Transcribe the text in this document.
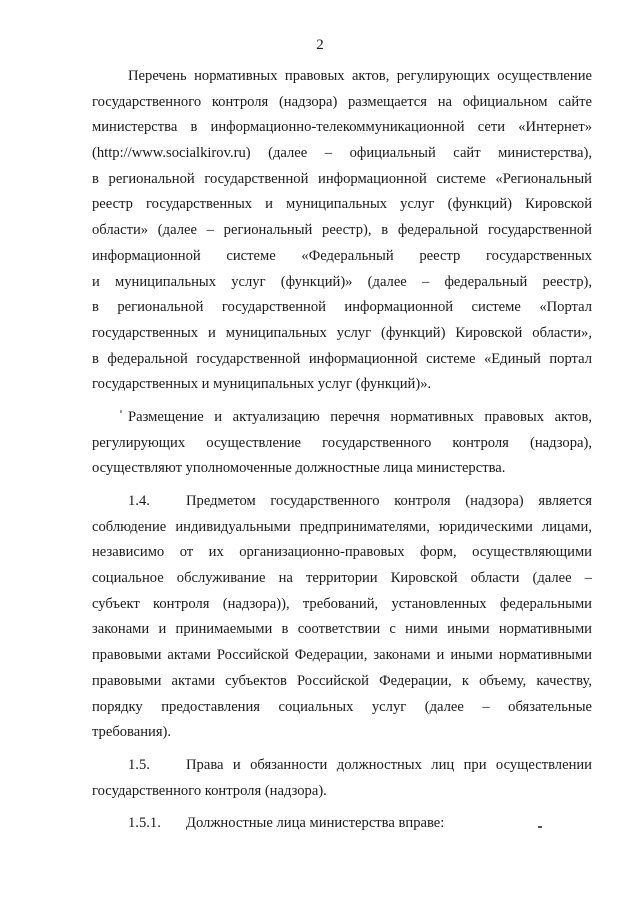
2
Перечень нормативных правовых актов, регулирующих осуществление
государственного контроля (надзора) размещается на официальном сайте
министерства в информационно-телекоммуникационной сети «Интернет»
(http://www.socialkirov.ru) (далее – официальный сайт министерства),
в региональной государственной информационной системе «Региональный
реестр государственных и муниципальных услуг (функций) Кировской
области» (далее – региональный реестр), в федеральной государственной
информационной системе «Федеральный реестр государственных
и муниципальных услуг (функций)» (далее – федеральный реестр),
в региональной государственной информационной системе «Портал
государственных и муниципальных услуг (функций) Кировской области»,
в федеральной государственной информационной системе «Единый портал
государственных и муниципальных услуг (функций)».
Размещение и актуализацию перечня нормативных правовых актов,
регулирующих осуществление государственного контроля (надзора),
осуществляют уполномоченные должностные лица министерства.
1.4.	Предметом государственного контроля (надзора) является
соблюдение индивидуальными предпринимателями, юридическими лицами,
независимо от их организационно-правовых форм, осуществляющими
социальное обслуживание на территории Кировской области (далее –
субъект контроля (надзора)), требований, установленных федеральными
законами и принимаемыми в соответствии с ними иными нормативными
правовыми актами Российской Федерации, законами и иными нормативными
правовыми актами субъектов Российской Федерации, к объему, качеству,
порядку предоставления социальных услуг (далее – обязательные
требования).
1.5.	Права и обязанности должностных лиц при осуществлении
государственного контроля (надзора).
1.5.1.	Должностные лица министерства вправе:
